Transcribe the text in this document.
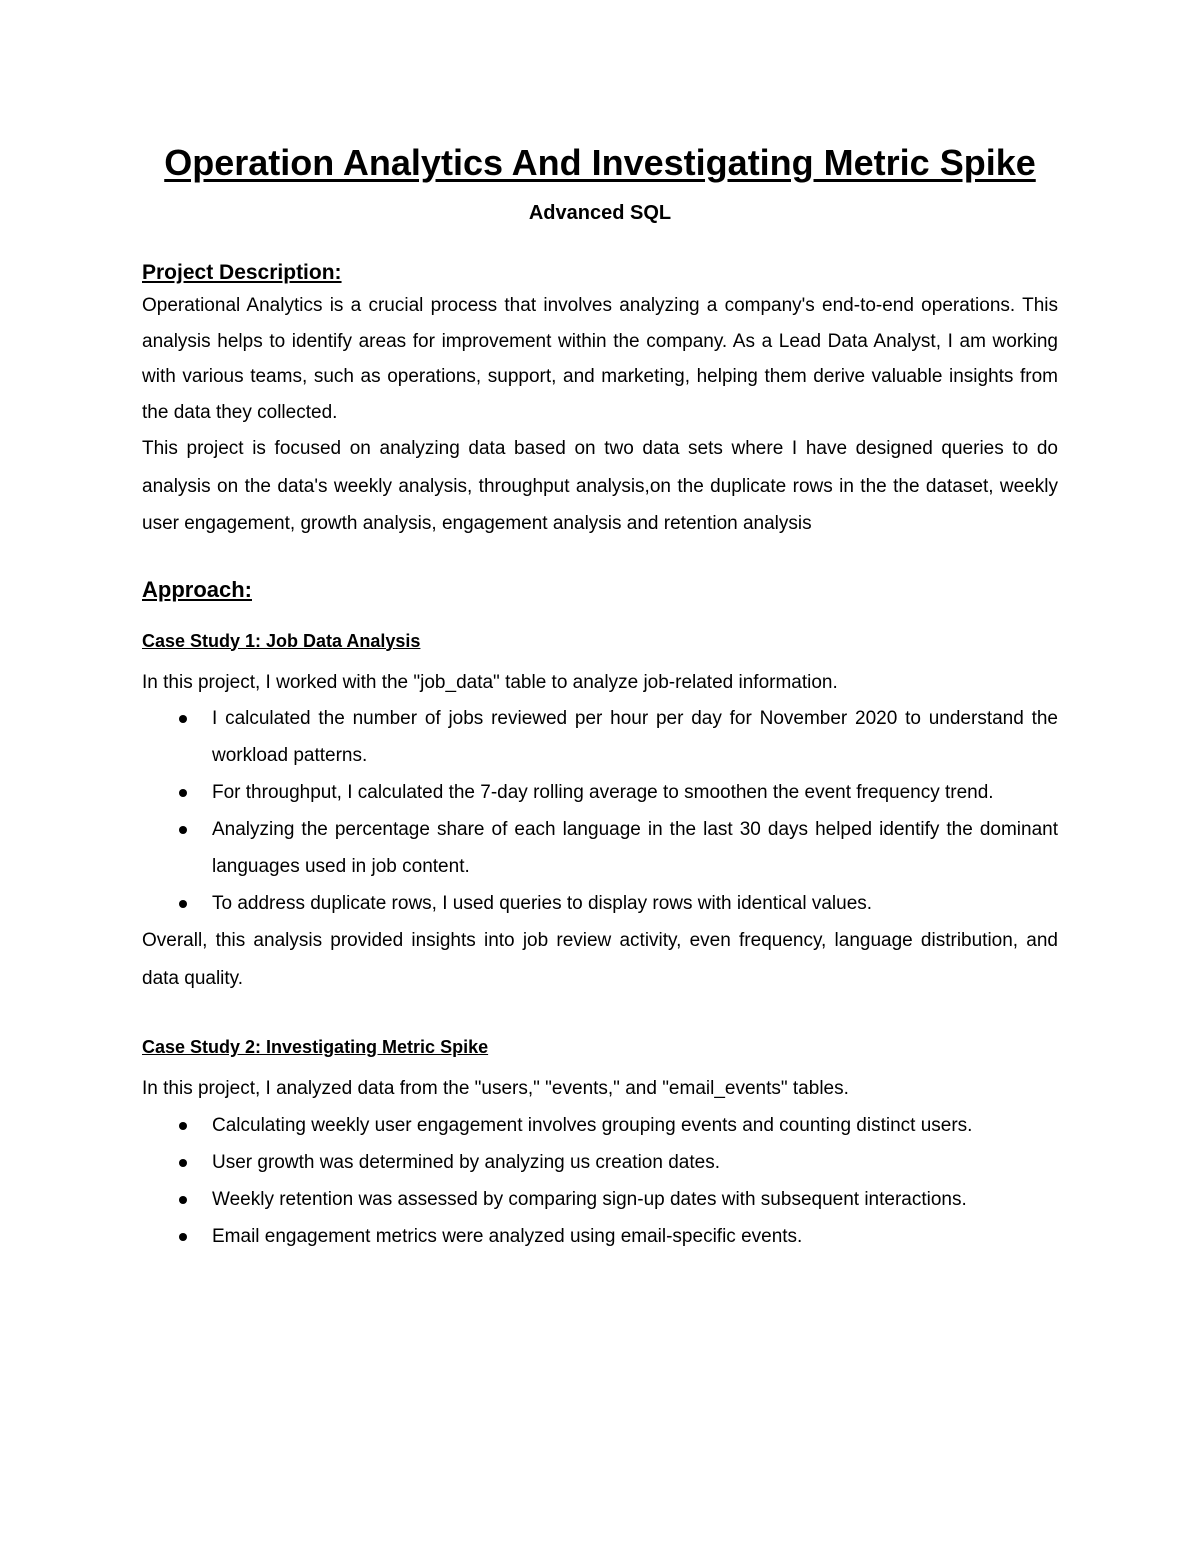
Operation Analytics And Investigating Metric Spike
Advanced SQL
Project Description:

Operational Analytics is a crucial process that involves analyzing a company's end-to-end operations. This analysis helps to identify areas for improvement within the company. As a Lead Data Analyst, I am working with various teams, such as operations, support, and marketing, helping them derive valuable insights from the data they collected.

This project is focused on analyzing data based on two data sets where I have designed queries to do analysis on the data's weekly analysis, throughput analysis,on the duplicate rows in the the dataset, weekly user engagement, growth analysis, engagement analysis and retention analysis

Approach:
Case Study 1: Job Data Analysis

In this project, I worked with the "job_data" table to analyze job-related information.

I calculated the number of jobs reviewed per hour per day for November 2020 to understand the workload patterns.
For throughput, I calculated the 7-day rolling average to smoothen the event frequency trend.
Analyzing the percentage share of each language in the last 30 days helped identify the dominant languages used in job content.
To address duplicate rows, I used queries to display rows with identical values.

Overall, this analysis provided insights into job review activity, even frequency, language distribution, and data quality.

Case Study 2: Investigating Metric Spike

In this project, I analyzed data from the "users," "events," and "email_events" tables.

Calculating weekly user engagement involves grouping events and counting distinct users.
User growth was determined by analyzing us creation dates.
Weekly retention was assessed by comparing sign-up dates with subsequent interactions.
Email engagement metrics were analyzed using email-specific events.
